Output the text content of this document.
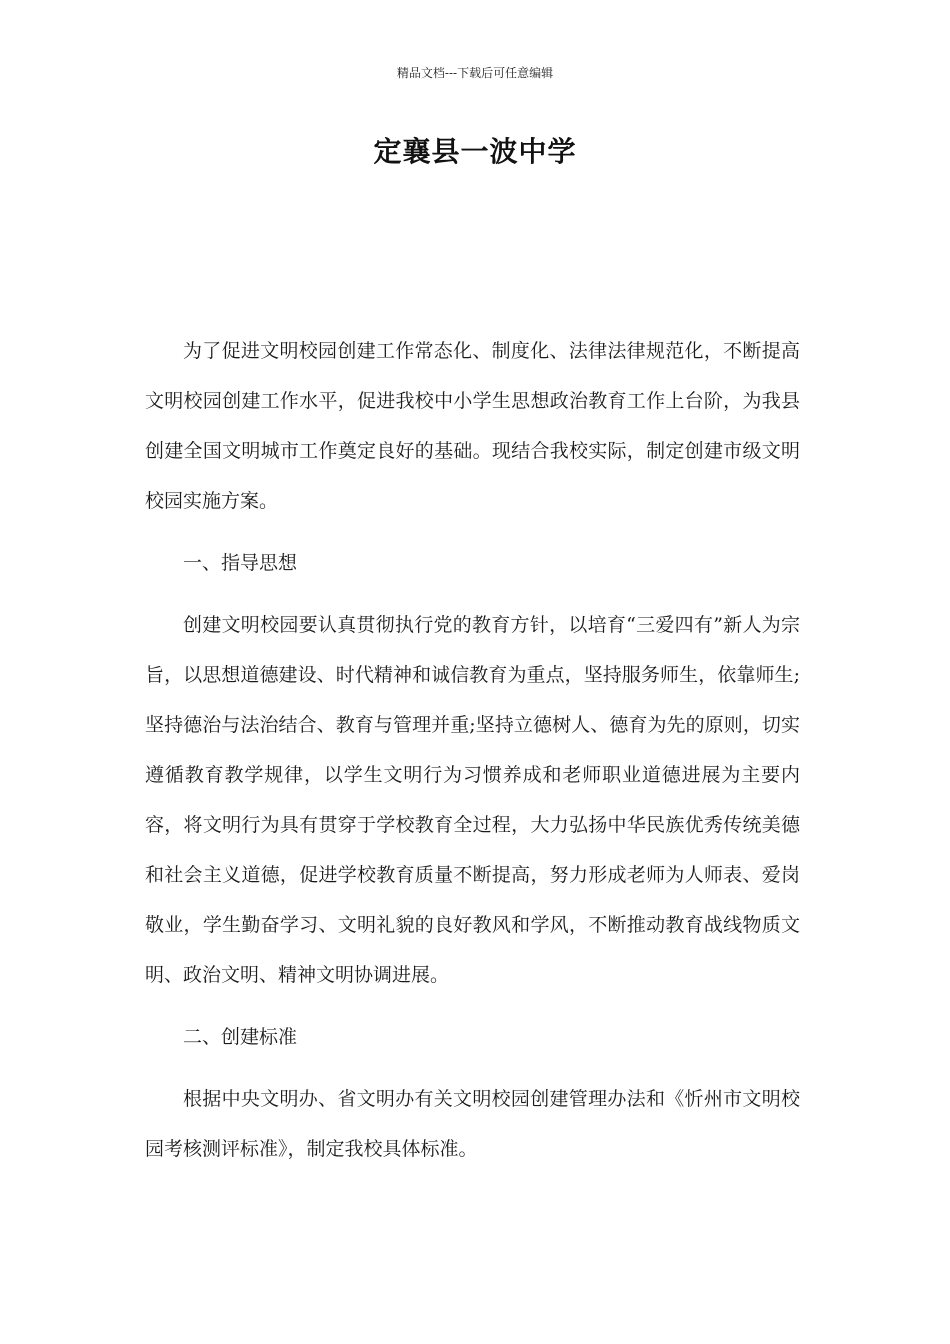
精品文档---下载后可任意编辑
定襄县一波中学

为了促进文明校园创建工作常态化、制度化、法律法律规范化，不断提高文明校园创建工作水平，促进我校中小学生思想政治教育工作上台阶，为我县创建全国文明城市工作奠定良好的基础。现结合我校实际，制定创建市级文明校园实施方案。

一、指导思想

创建文明校园要认真贯彻执行党的教育方针，以培育“三爱四有”新人为宗旨，以思想道德建设、时代精神和诚信教育为重点，坚持服务师生，依靠师生;坚持德治与法治结合、教育与管理并重;坚持立德树人、德育为先的原则，切实遵循教育教学规律，以学生文明行为习惯养成和老师职业道德进展为主要内容，将文明行为具有贯穿于学校教育全过程，大力弘扬中华民族优秀传统美德和社会主义道德，促进学校教育质量不断提高，努力形成老师为人师表、爱岗敬业，学生勤奋学习、文明礼貌的良好教风和学风，不断推动教育战线物质文明、政治文明、精神文明协调进展。

二、创建标准

根据中央文明办、省文明办有关文明校园创建管理办法和《忻州市文明校园考核测评标准》，制定我校具体标准。
